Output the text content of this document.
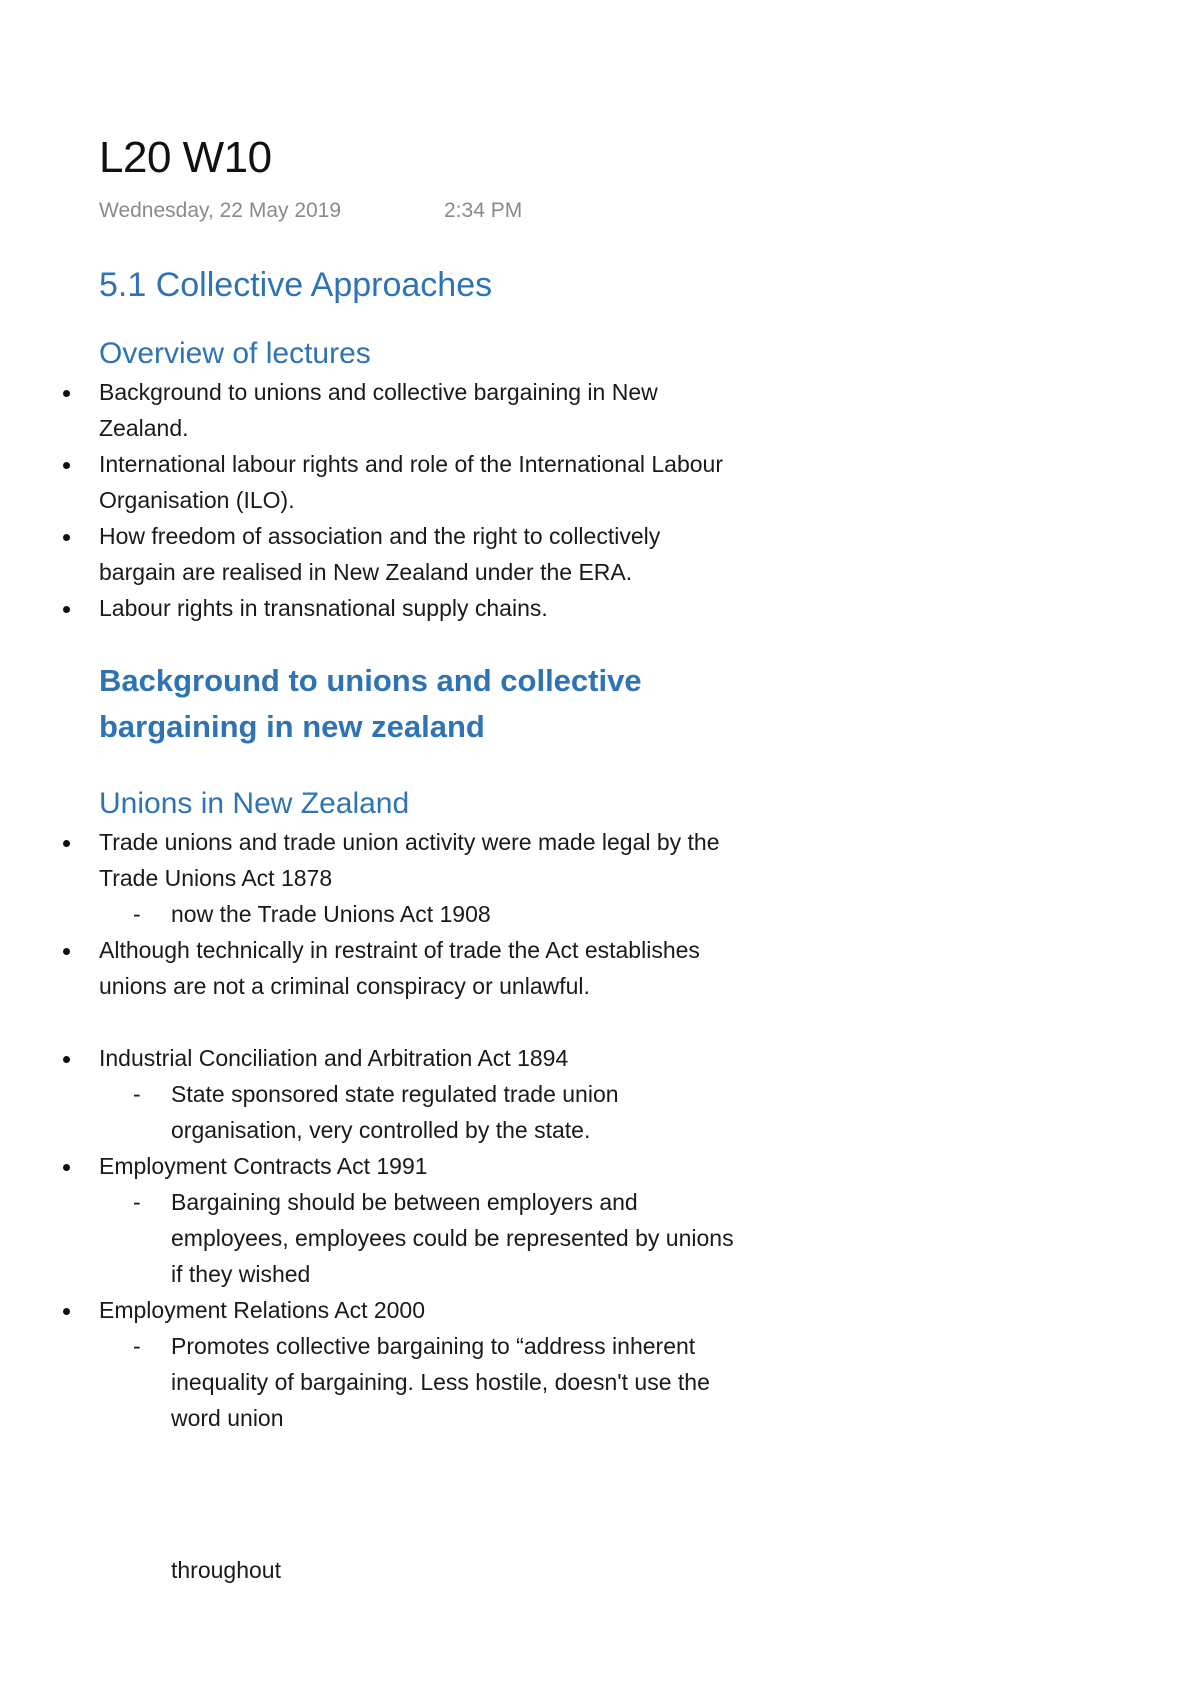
L20 W10
Wednesday, 22 May 2019	2:34 PM
5.1 Collective Approaches
Overview of lectures
Background to unions and collective bargaining in New Zealand.
International labour rights and role of the International Labour Organisation (ILO).
How freedom of association and the right to collectively bargain are realised in New Zealand under the ERA.
Labour rights in transnational supply chains.
Background to unions and collective bargaining in new zealand
Unions in New Zealand
Trade unions and trade union activity were made legal by the Trade Unions Act 1878
- now the Trade Unions Act 1908
Although technically in restraint of trade the Act establishes unions are not a criminal conspiracy or unlawful.
Industrial Conciliation and Arbitration Act 1894
- State sponsored state regulated trade union organisation, very controlled by the state.
Employment Contracts Act 1991
- Bargaining should be between employers and employees, employees could be represented by unions if they wished
Employment Relations Act 2000
- Promotes collective bargaining to “address inherent inequality of bargaining. Less hostile, doesn't use the word union
throughout
